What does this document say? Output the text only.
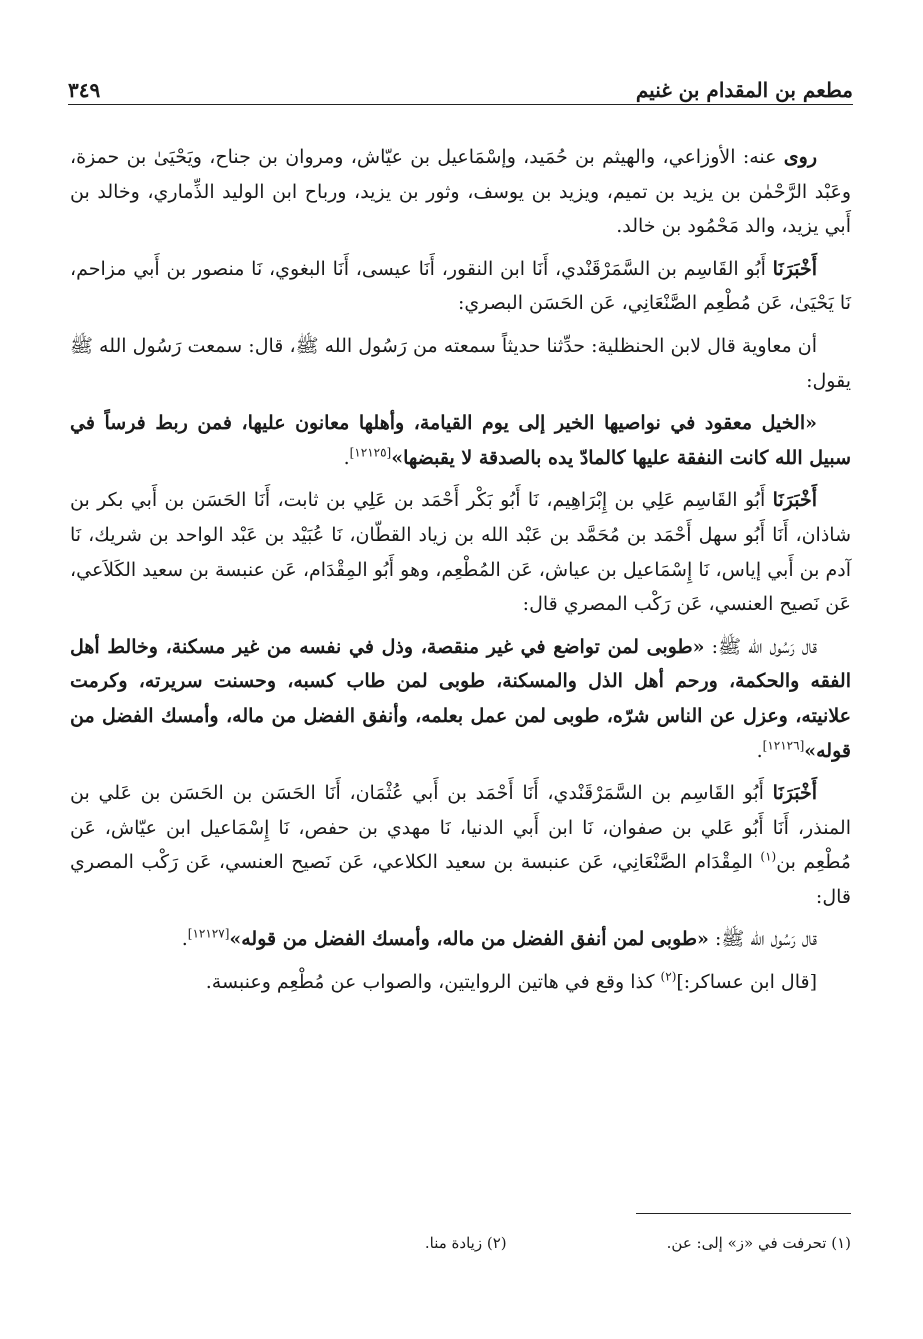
مطعم بن المقدام بن غنيم
٣٤٩

روى عنه: الأوزاعي، والهيثم بن حُمَيد، وإسْمَاعيل بن عيّاش، ومروان بن جناح، ويَحْيَىٰ بن حمزة، وعَبْد الرَّحْمٰن بن يزيد بن تميم، ويزيد بن يوسف، وثور بن يزيد، ورباح ابن الوليد الذِّماري، وخالد بن أَبي يزيد، والد مَحْمُود بن خالد.

أَخْبَرَنَا أَبُو القَاسِم بن السَّمَرْقَنْدي، أَنَا ابن النقور، أَنَا عيسى، أَنَا البغوي، نَا منصور بن أَبي مزاحم، نَا يَحْيَىٰ، عَن مُطْعِم الصَّنْعَانِي، عَن الحَسَن البصري:

أن معاوية قال لابن الحنظلية: حدِّثنا حديثاً سمعته من رَسُول الله ﷺ، قال: سمعت رَسُول الله ﷺ يقول:

«الخيل معقود في نواصيها الخير إلى يوم القيامة، وأهلها معانون عليها، فمن ربط فرساً في سبيل الله كانت النفقة عليها كالمادّ يده بالصدقة لا يقبضها»[١٢١٢٥].

أَخْبَرَنَا أَبُو القَاسِم عَلِي بن إِبْرَاهِيم، نَا أَبُو بَكْر أَحْمَد بن عَلِي بن ثابت، أَنَا الحَسَن بن أَبي بكر بن شاذان، أَنَا أَبُو سهل أَحْمَد بن مُحَمَّد بن عَبْد الله بن زياد القطّان، نَا عُبَيْد بن عَبْد الواحد بن شريك، نَا آدم بن أَبي إياس، نَا إِسْمَاعيل بن عياش، عَن المُطْعِم، وهو أَبُو المِقْدَام، عَن عنبسة بن سعيد الكَلاَعي، عَن نَصيح العنسي، عَن رَكْب المصري قال:

قال رَسُول الله ﷺ: «طوبى لمن تواضع في غير منقصة، وذل في نفسه من غير مسكنة، وخالط أهل الفقه والحكمة، ورحم أهل الذل والمسكنة، طوبى لمن طاب كسبه، وحسنت سريرته، وكرمت علانيته، وعزل عن الناس شرّه، طوبى لمن عمل بعلمه، وأنفق الفضل من ماله، وأمسك الفضل من قوله»[١٢١٢٦].

أَخْبَرَنَا أَبُو القَاسِم بن السَّمَرْقَنْدي، أَنَا أَحْمَد بن أَبي عُثْمَان، أَنَا الحَسَن بن الحَسَن بن عَلي بن المنذر، أَنَا أَبُو عَلي بن صفوان، نَا ابن أَبي الدنيا، نَا مهدي بن حفص، نَا إِسْمَاعيل ابن عيّاش، عَن مُطْعِم بن$^{(١)}$ المِقْدَام الصَّنْعَانِي، عَن عنبسة بن سعيد الكلاعي، عَن نَصيح العنسي، عَن رَكْب المصري قال:

قال رَسُول الله ﷺ: «طوبى لمن أنفق الفضل من ماله، وأمسك الفضل من قوله»[١٢١٢٧].

[قال ابن عساكر:]$^{(٢)}$ كذا وقع في هاتين الروايتين، والصواب عن مُطْعِم وعنبسة.

(١) تحرفت في «ز» إلى: عن.
(٢) زيادة منا.
